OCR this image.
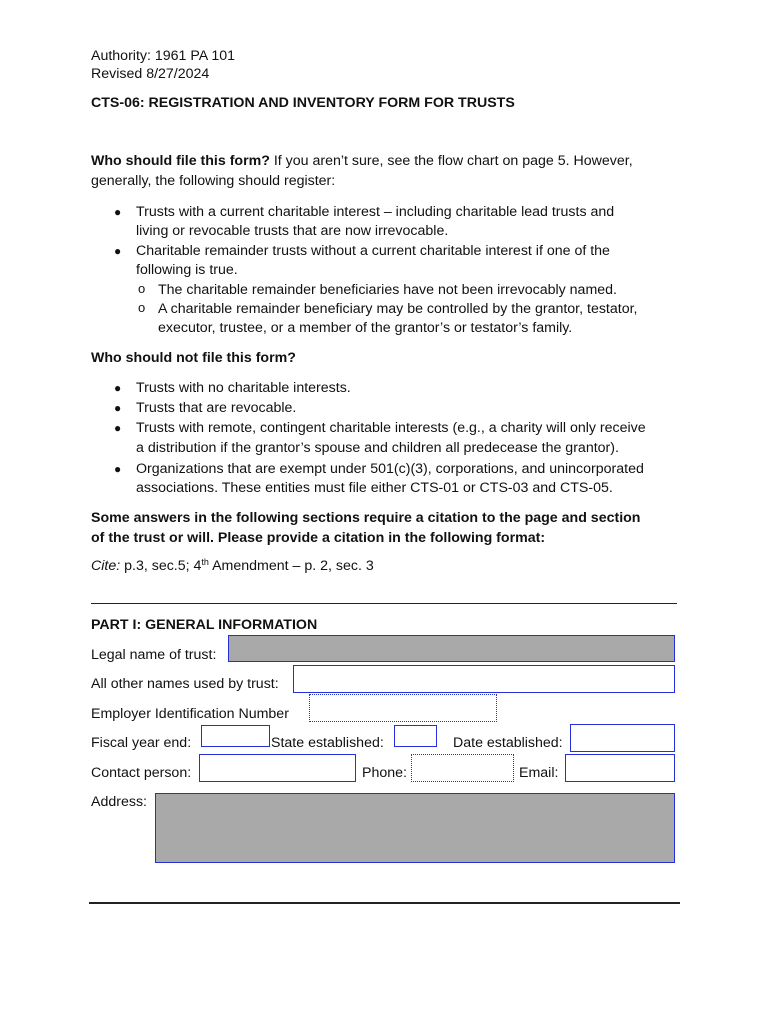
Authority: 1961 PA 101
Revised 8/27/2024
CTS-06: REGISTRATION AND INVENTORY FORM FOR TRUSTS
Who should file this form? If you aren’t sure, see the flow chart on page 5. However,
generally, the following should register:
● Trusts with a current charitable interest – including charitable lead trusts and
living or revocable trusts that are now irrevocable.
● Charitable remainder trusts without a current charitable interest if one of the
following is true.
o The charitable remainder beneficiaries have not been irrevocably named.
o A charitable remainder beneficiary may be controlled by the grantor, testator,
executor, trustee, or a member of the grantor’s or testator’s family.
Who should not file this form?
● Trusts with no charitable interests.
● Trusts that are revocable.
● Trusts with remote, contingent charitable interests (e.g., a charity will only receive
a distribution if the grantor’s spouse and children all predecease the grantor).
● Organizations that are exempt under 501(c)(3), corporations, and unincorporated
associations. These entities must file either CTS-01 or CTS-03 and CTS-05.
Some answers in the following sections require a citation to the page and section
of the trust or will. Please provide a citation in the following format:
Cite: p.3, sec.5; 4th Amendment – p. 2, sec. 3
PART I: GENERAL INFORMATION
Legal name of trust:
All other names used by trust:
Employer Identification Number
Fiscal year end:	State established:	Date established:
Contact person:	Phone:	Email:
Address:
